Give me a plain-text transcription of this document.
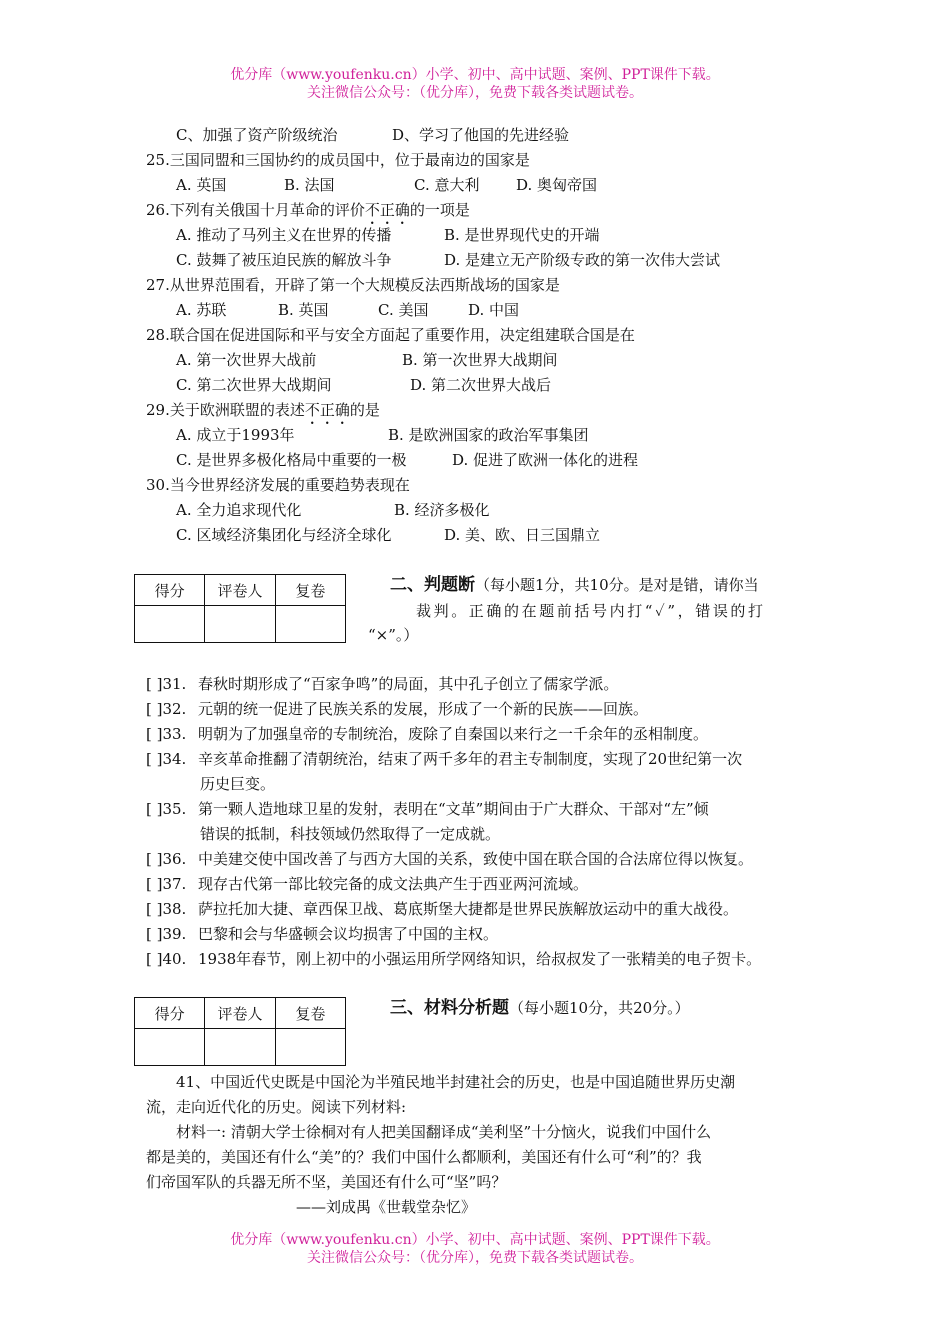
优分库（www.youfenku.cn）小学、初中、高中试题、案例、PPT课件下载。
关注微信公众号：（优分库），免费下载各类试题试卷。
C、加强了资产阶级统治	D、学习了他国的先进经验
25.三国同盟和三国协约的成员国中，位于最南边的国家是
A. 英国	B. 法国	C. 意大利 D. 奥匈帝国
26.下列有关俄国十月革命的评价不正确的一项是
A. 推动了马列主义在世界的传播	B. 是世界现代史的开端
C. 鼓舞了被压迫民族的解放斗争	D. 是建立无产阶级专政的第一次伟大尝试
27.从世界范围看，开辟了第一个大规模反法西斯战场的国家是
A. 苏联	B. 英国	C. 美国	D. 中国
28.联合国在促进国际和平与安全方面起了重要作用，决定组建联合国是在
A. 第一次世界大战前	B. 第一次世界大战期间
C. 第二次世界大战期间	D. 第二次世界大战后
29.关于欧洲联盟的表述不正确的是
A. 成立于1993年	B. 是欧洲国家的政治军事集团
C. 是世界多极化格局中重要的一极	D. 促进了欧洲一体化的进程
30.当今世界经济发展的重要趋势表现在
A. 全力追求现代化	B. 经济多极化
C. 区域经济集团化与经济全球化	D. 美、欧、日三国鼎立
得分	评卷人	复卷
			二、判题断（每小题1分，共10分。是对是错，请你当
裁判。正确的在题前括号内打“✓”，错误的打
“×”。）
[ ]31. 春秋时期形成了“百家争鸣”的局面，其中孔子创立了儒家学派。
[ ]32. 元朝的统一促进了民族关系的发展，形成了一个新的民族——回族。
[ ]33. 明朝为了加强皇帝的专制统治，废除了自秦国以来行之一千余年的丞相制度。
[ ]34. 辛亥革命推翻了清朝统治，结束了两千多年的君主专制制度，实现了20世纪第一次
历史巨变。
[ ]35. 第一颗人造地球卫星的发射，表明在“文革”期间由于广大群众、干部对“左”倾
错误的抵制，科技领域仍然取得了一定成就。
[ ]36. 中美建交使中国改善了与西方大国的关系，致使中国在联合国的合法席位得以恢复。
[ ]37. 现存古代第一部比较完备的成文法典产生于西亚两河流域。
[ ]38. 萨拉托加大捷、章西保卫战、葛底斯堡大捷都是世界民族解放运动中的重大战役。
[ ]39. 巴黎和会与华盛顿会议均损害了中国的主权。
[ ]40. 1938年春节，刚上初中的小强运用所学网络知识，给叔叔发了一张精美的电子贺卡。
得分	评卷人	复卷
			三、材料分析题（每小题10分，共20分。）
41、中国近代史既是中国沦为半殖民地半封建社会的历史，也是中国追随世界历史潮
流，走向近代化的历史。阅读下列材料:
材料一: 清朝大学士徐桐对有人把美国翻译成“美利坚”十分恼火，说我们中国什么
都是美的，美国还有什么“美”的？我们中国什么都顺利，美国还有什么可“利”的？我
们帝国军队的兵器无所不坚，美国还有什么可“坚”吗？
——刘成禺《世载堂杂忆》
优分库（www.youfenku.cn）小学、初中、高中试题、案例、PPT课件下载。
关注微信公众号：（优分库），免费下载各类试题试卷。
